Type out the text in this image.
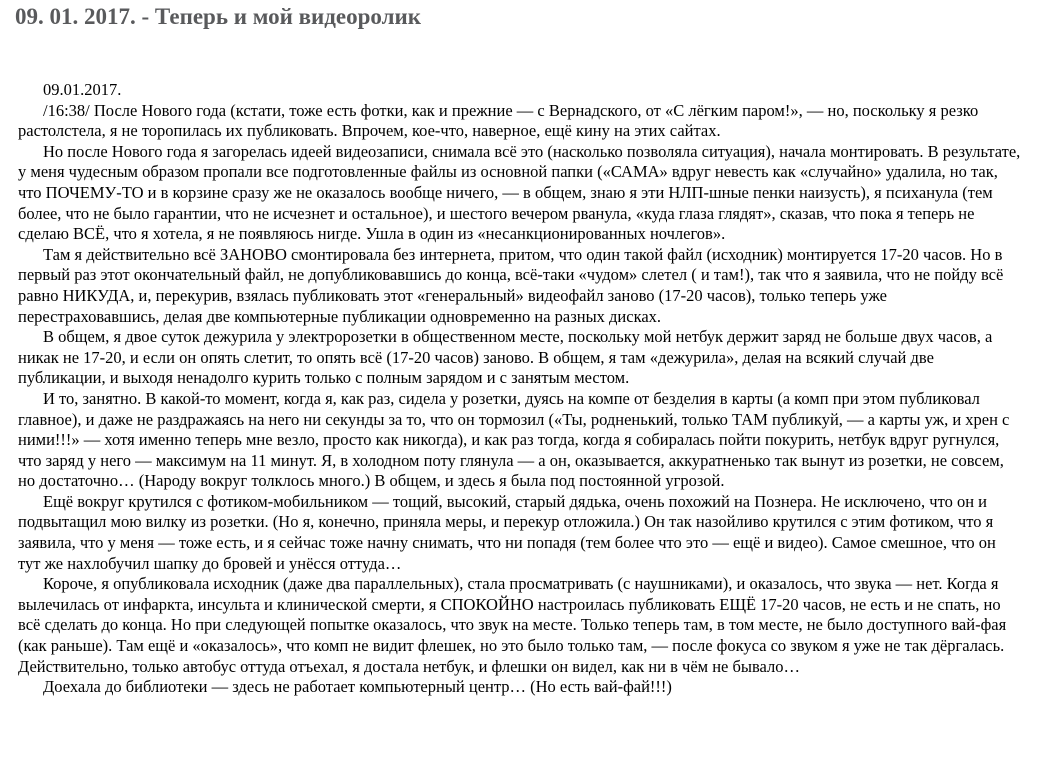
09. 01. 2017. - Теперь и мой видеоролик

09.01.2017.

/16:38/ После Нового года (кстати, тоже есть фотки, как и прежние — с Вернадского, от «С лёгким паром!», — но, поскольку я резко растолстела, я не торопилась их публиковать. Впрочем, кое-что, наверное, ещё кину на этих сайтах.

Но после Нового года я загорелась идеей видеозаписи, снимала всё это (насколько позволяла ситуация), начала монтировать. В результате, у меня чудесным образом пропали все подготовленные файлы из основной папки («САМА» вдруг невесть как «случайно» удалила, но так, что ПОЧЕМУ-ТО и в корзине сразу же не оказалось вообще ничего, — в общем, знаю я эти НЛП-шные пенки наизусть), я психанула (тем более, что не было гарантии, что не исчезнет и остальное), и шестого вечером рванула, «куда глаза глядят», сказав, что пока я теперь не сделаю ВСЁ, что я хотела, я не появляюсь нигде. Ушла в один из «несанкционированных ночлегов».

Там я действительно всё ЗАНОВО смонтировала без интернета, притом, что один такой файл (исходник) монтируется 17-20 часов. Но в первый раз этот окончательный файл, не допубликовавшись до конца, всё-таки «чудом» слетел ( и там!), так что я заявила, что не пойду всё равно НИКУДА, и, перекурив, взялась публиковать этот «генеральный» видеофайл заново (17-20 часов), только теперь уже перестраховавшись, делая две компьютерные публикации одновременно на разных дисках.

В общем, я двое суток дежурила у электророзетки в общественном месте, поскольку мой нетбук держит заряд не больше двух часов, а никак не 17-20, и если он опять слетит, то опять всё (17-20 часов) заново. В общем, я там «дежурила», делая на всякий случай две публикации, и выходя ненадолго курить только с полным зарядом и с занятым местом.

И то, занятно. В какой-то момент, когда я, как раз, сидела у розетки, дуясь на компе от безделия в карты (а комп при этом публиковал главное), и даже не раздражаясь на него ни секунды за то, что он тормозил («Ты, родненький, только ТАМ публикуй, — а карты уж, и хрен с ними!!!» — хотя именно теперь мне везло, просто как никогда), и как раз тогда, когда я собиралась пойти покурить, нетбук вдруг ругнулся, что заряд у него — максимум на 11 минут. Я, в холодном поту глянула — а он, оказывается, аккуратненько так вынут из розетки, не совсем, но достаточно… (Народу вокруг толклось много.) В общем, и здесь я была под постоянной угрозой.

Ещё вокруг крутился с фотиком-мобильником — тощий, высокий, старый дядька, очень похожий на Познера. Не исключено, что он и подвытащил мою вилку из розетки. (Но я, конечно, приняла меры, и перекур отложила.) Он так назойливо крутился с этим фотиком, что я заявила, что у меня — тоже есть, и я сейчас тоже начну снимать, что ни попадя (тем более что это — ещё и видео). Самое смешное, что он тут же нахлобучил шапку до бровей и унёсся оттуда…

Короче, я опубликовала исходник (даже два параллельных), стала просматривать (с наушниками), и оказалось, что звука — нет. Когда я вылечилась от инфаркта, инсульта и клинической смерти, я СПОКОЙНО настроилась публиковать ЕЩЁ 17-20 часов, не есть и не спать, но всё сделать до конца. Но при следующей попытке оказалось, что звук на месте. Только теперь там, в том месте, не было доступного вай-фая (как раньше). Там ещё и «оказалось», что комп не видит флешек, но это было только там, — после фокуса со звуком я уже не так дёргалась. Действительно, только автобус оттуда отъехал, я достала нетбук, и флешки он видел, как ни в чём не бывало…

Доехала до библиотеки — здесь не работает компьютерный центр… (Но есть вай-фай!!!)
